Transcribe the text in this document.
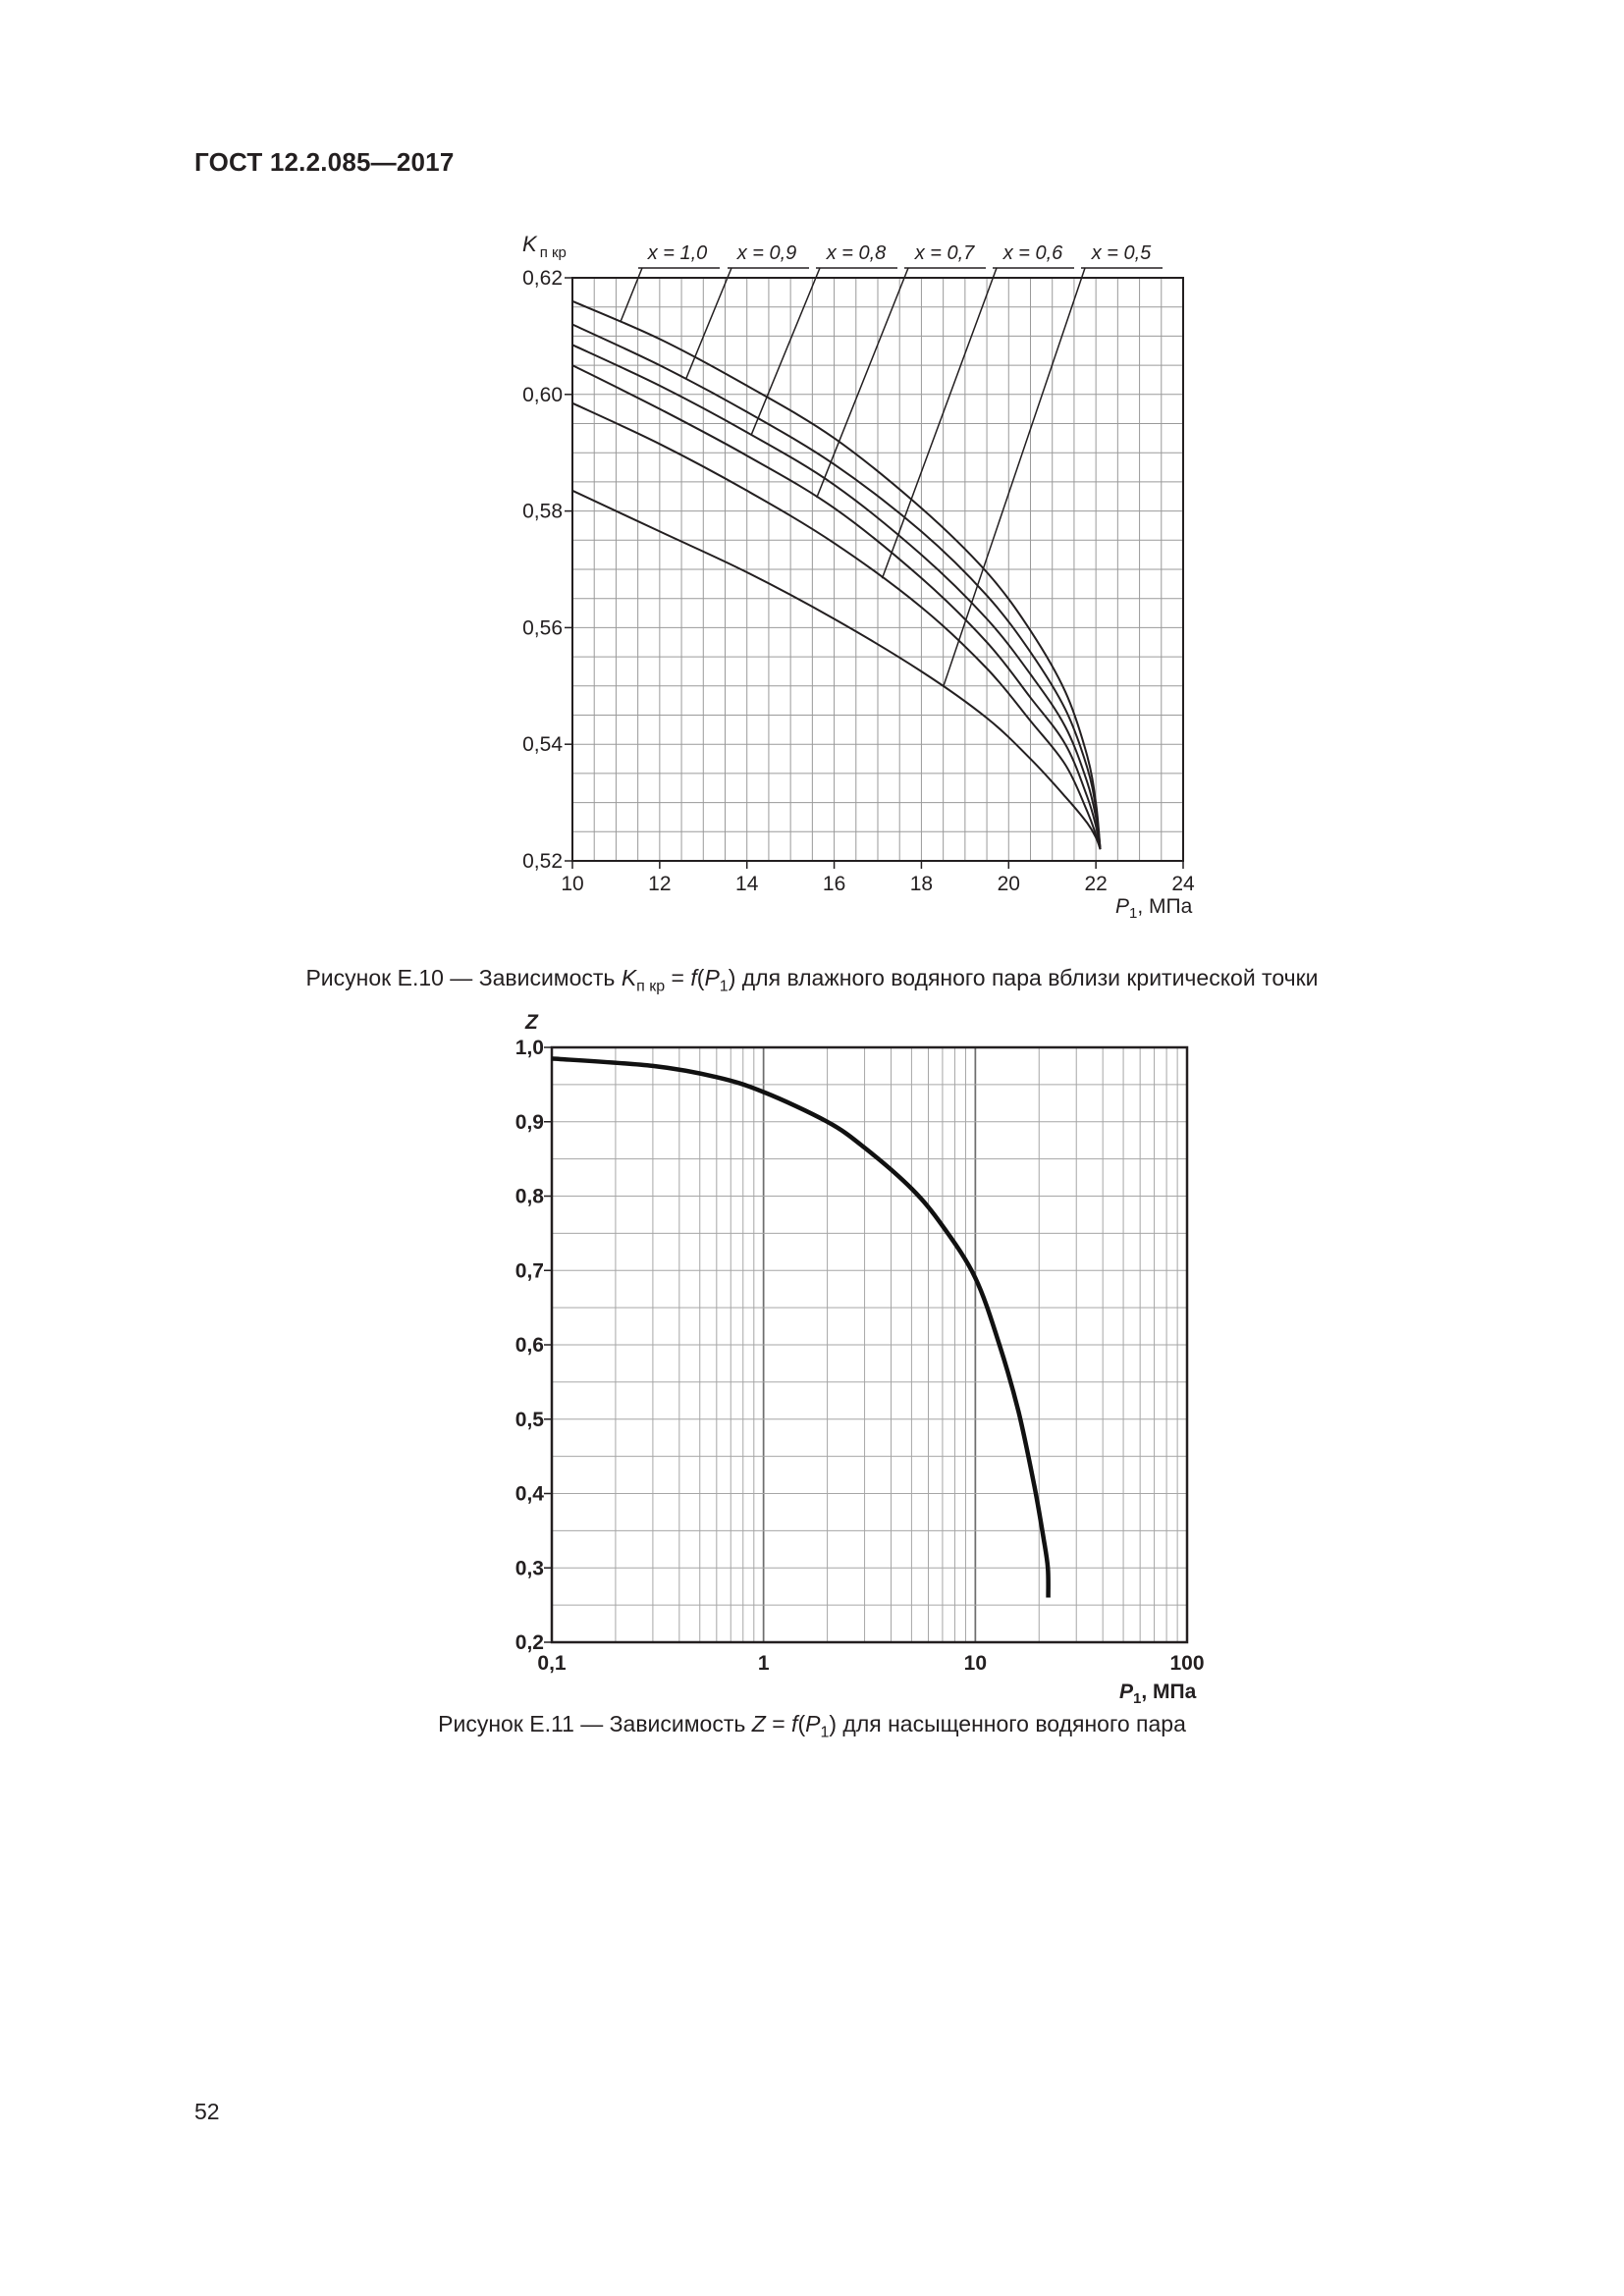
ГОСТ 12.2.085—2017
10	12	14	16	18	20	22	24
0,52
0,54
0,56
0,58
0,60
0,62
K $_{п кр}$
$P_1$, МПа
x = 1,0 x = 0,9 x = 0,8 x = 0,7 x = 0,6 x = 0,5
Рисунок Е.10 — Зависимость $K_{п кр} = f(P_1)$ для влажного водяного пара вблизи критической точки
0,1	1	10	100
0,2
0,3
0,4
0,5
0,6
0,7
0,8
0,9
1,0
Z
$P_1$, МПа
Рисунок Е.11 — Зависимость $Z = f(P_1)$ для насыщенного водяного пара
52
